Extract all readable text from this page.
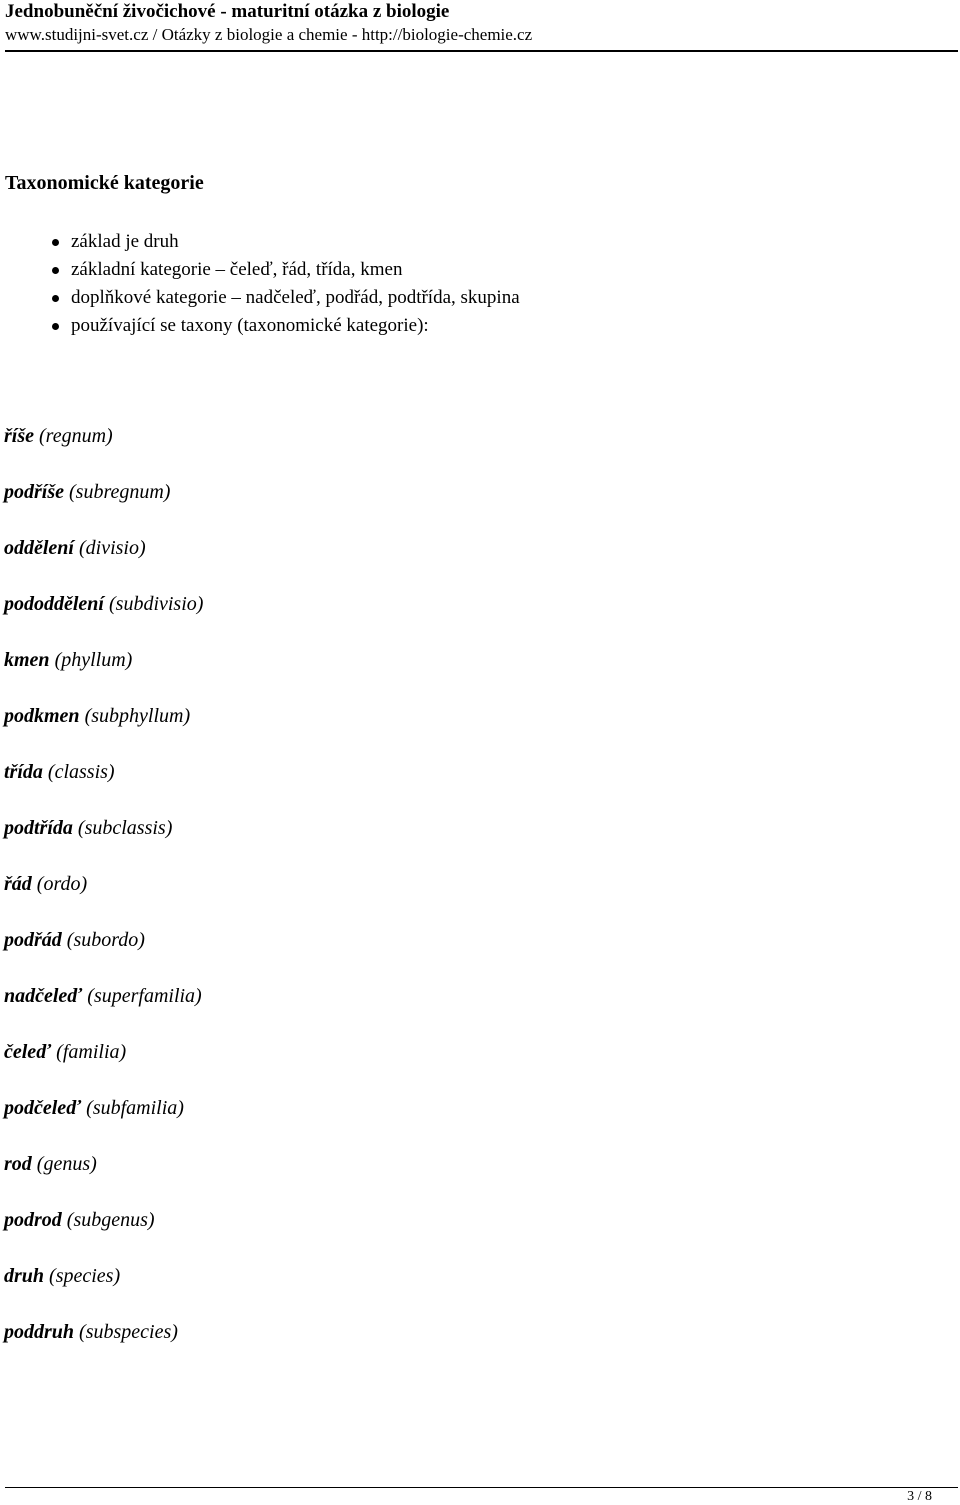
Jednobuněční živočichové - maturitní otázka z biologie
www.studijni-svet.cz / Otázky z biologie a chemie - http://biologie-chemie.cz
Taxonomické kategorie
základ je druh
základní kategorie – čeleď, řád, třída, kmen
doplňkové kategorie – nadčeleď, podřád, podtřída, skupina
používající se taxony (taxonomické kategorie):
říše (regnum)
podříše (subregnum)
oddělení (divisio)
pododdělení (subdivisio)
kmen (phyllum)
podkmen (subphyllum)
třída (classis)
podtřída (subclassis)
řád (ordo)
podřád (subordo)
nadčeleď (superfamilia)
čeleď (familia)
podčeleď (subfamilia)
rod (genus)
podrod (subgenus)
druh (species)
poddruh (subspecies)
3 / 8
